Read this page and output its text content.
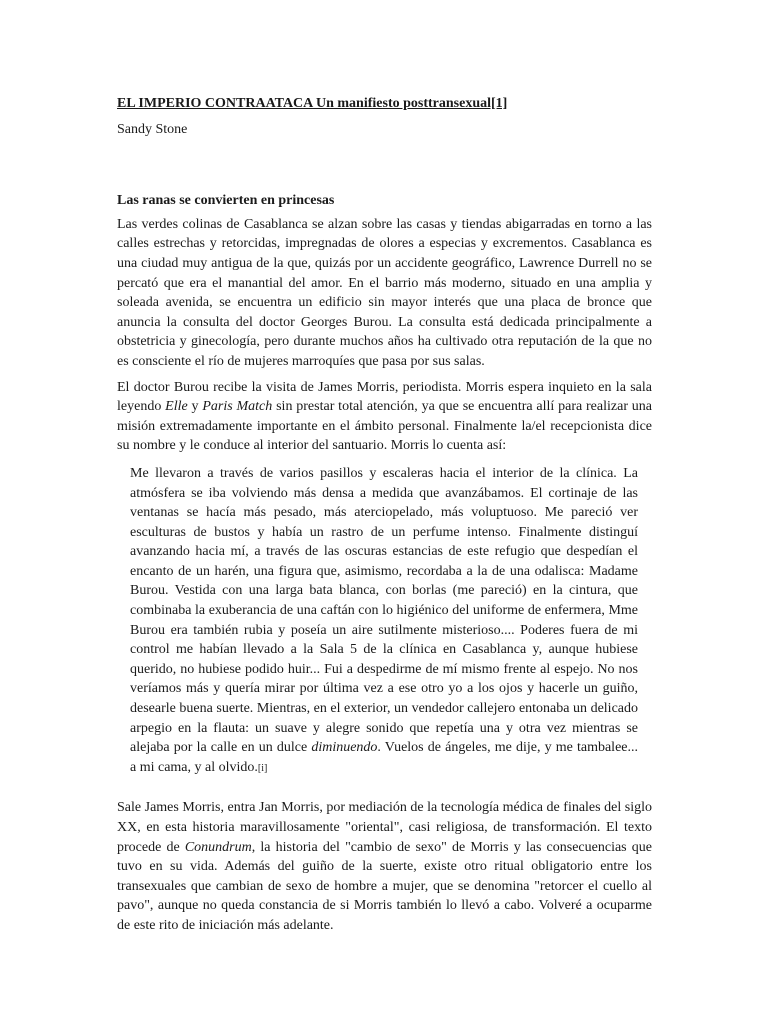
EL IMPERIO CONTRAATACA Un manifiesto posttransexual[1]
Sandy Stone
Las ranas se convierten en princesas

Las verdes colinas de Casablanca se alzan sobre las casas y tiendas abigarradas en torno a las calles estrechas y retorcidas, impregnadas de olores a especias y excrementos. Casablanca es una ciudad muy antigua de la que, quizás por un accidente geográfico, Lawrence Durrell no se percató que era el manantial del amor. En el barrio más moderno, situado en una amplia y soleada avenida, se encuentra un edificio sin mayor interés que una placa de bronce que anuncia la consulta del doctor Georges Burou. La consulta está dedicada principalmente a obstetricia y ginecología, pero durante muchos años ha cultivado otra reputación de la que no es consciente el río de mujeres marroquíes que pasa por sus salas.

El doctor Burou recibe la visita de James Morris, periodista. Morris espera inquieto en la sala leyendo Elle y Paris Match sin prestar total atención, ya que se encuentra allí para realizar una misión extremadamente importante en el ámbito personal. Finalmente la/el recepcionista dice su nombre y le conduce al interior del santuario. Morris lo cuenta así:

Me llevaron a través de varios pasillos y escaleras hacia el interior de la clínica. La atmósfera se iba volviendo más densa a medida que avanzábamos. El cortinaje de las ventanas se hacía más pesado, más aterciopelado, más voluptuoso. Me pareció ver esculturas de bustos y había un rastro de un perfume intenso. Finalmente distinguí avanzando hacia mí, a través de las oscuras estancias de este refugio que despedían el encanto de un harén, una figura que, asimismo, recordaba a la de una odalisca: Madame Burou. Vestida con una larga bata blanca, con borlas (me pareció) en la cintura, que combinaba la exuberancia de una caftán con lo higiénico del uniforme de enfermera, Mme Burou era también rubia y poseía un aire sutilmente misterioso.... Poderes fuera de mi control me habían llevado a la Sala 5 de la clínica en Casablanca y, aunque hubiese querido, no hubiese podido huir... Fui a despedirme de mí mismo frente al espejo. No nos veríamos más y quería mirar por última vez a ese otro yo a los ojos y hacerle un guiño, desearle buena suerte. Mientras, en el exterior, un vendedor callejero entonaba un delicado arpegio en la flauta: un suave y alegre sonido que repetía una y otra vez mientras se alejaba por la calle en un dulce diminuendo. Vuelos de ángeles, me dije, y me tambalee... a mi cama, y al olvido.[i]

Sale James Morris, entra Jan Morris, por mediación de la tecnología médica de finales del siglo XX, en esta historia maravillosamente "oriental", casi religiosa, de transformación. El texto procede de Conundrum, la historia del "cambio de sexo" de Morris y las consecuencias que tuvo en su vida. Además del guiño de la suerte, existe otro ritual obligatorio entre los transexuales que cambian de sexo de hombre a mujer, que se denomina "retorcer el cuello al pavo", aunque no queda constancia de si Morris también lo llevó a cabo. Volveré a ocuparme de este rito de iniciación más adelante.
